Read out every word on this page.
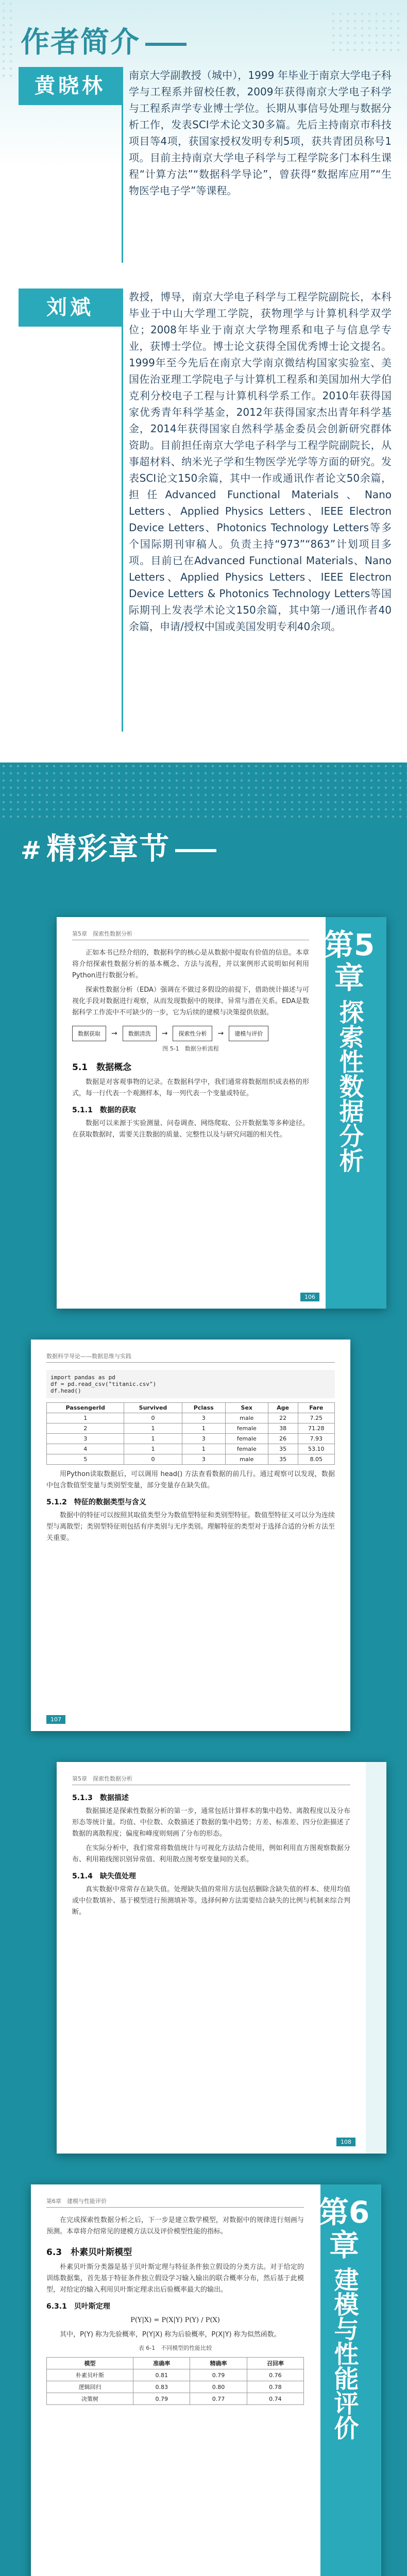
作者简介
黄晓林	南京大学副教授（城中），1999 年毕业于南京大学电子科学与工程系并留校任教，2009年获得南京大学电子科学与工程系声学专业博士学位。长期从事信号处理与数据分析工作，发表SCI学术论文30多篇。先后主持南京市科技项目等4项，获国家授权发明专利5项，获共青团员称号1项。目前主持南京大学电子科学与工程学院多门本科生课程“计算方法”“数据科学导论”，曾获得“数据库应用”“生物医学电子学”等课程。
刘斌	教授，博导，南京大学电子科学与工程学院副院长，本科毕业于中山大学理工学院，获物理学与计算机科学双学位；2008年毕业于南京大学物理系和电子与信息学专业，获博士学位。博士论文获得全国优秀博士论文提名。1999年至今先后在南京大学南京微结构国家实验室、美国佐治亚理工学院电子与计算机工程系和美国加州大学伯克利分校电子工程与计算机科学系工作。2010年获得国家优秀青年科学基金，2012年获得国家杰出青年科学基金，2014年获得国家自然科学基金委员会创新研究群体资助。目前担任南京大学电子科学与工程学院副院长，从事超材料、纳米光子学和生物医学光学等方面的研究。发表SCI论文150余篇，其中一作或通讯作者论文50余篇，担任Advanced Functional Materials、Nano Letters、Applied Physics Letters、IEEE Electron Device Letters、Photonics Technology Letters等多个国际期刊审稿人。负责主持“973”“863”计划项目多项。目前已在Advanced Functional Materials、Nano Letters、Applied Physics Letters、IEEE Electron Device Letters & Photonics Technology Letters等国际期刊上发表学术论文150余篇，其中第一/通讯作者40余篇，申请/授权中国或美国发明专利40余项。
# 精彩章节
第5章
探索性数据分析
第5章　探索性数据分析

正如本书已经介绍的，数据科学的核心是从数据中提取有价值的信息。本章将介绍探索性数据分析的基本概念、方法与流程，并以案例形式说明如何利用Python进行数据分析。

探索性数据分析（EDA）强调在不做过多假设的前提下，借助统计描述与可视化手段对数据进行观察，从而发现数据中的规律、异常与潜在关系。EDA是数据科学工作流中不可缺少的一步，它为后续的建模与决策提供依据。

数据获取	→	数据清洗	→	探索性分析	→	建模与评价
图 5-1　数据分析流程
5.1　数据概念

数据是对客观事物的记录。在数据科学中，我们通常将数据组织成表格的形式，每一行代表一个观测样本，每一列代表一个变量或特征。

5.1.1　数据的获取

数据可以来源于实验测量、问卷调查、网络爬取、公开数据集等多种途径。在获取数据时，需要关注数据的质量、完整性以及与研究问题的相关性。

106
数据科学导论——数据思维与实践
import pandas as pd
df = pd.read_csv("titanic.csv")
df.head()
PassengerId	Survived	Pclass	Sex	Age	Fare
1	0	3	male	22	7.25
2	1	1	female	38	71.28
3	1	3	female	26	7.93
4	1	1	female	35	53.10
5	0	3	male	35	8.05

用Python读取数据后，可以调用 head() 方法查看数据的前几行。通过观察可以发现，数据中包含数值型变量与类别型变量，部分变量存在缺失值。

5.1.2　特征的数据类型与含义

数据中的特征可以按照其取值类型分为数值型特征和类别型特征。数值型特征又可以分为连续型与离散型；类别型特征则包括有序类别与无序类别。理解特征的类型对于选择合适的分析方法至关重要。

107
第5章　探索性数据分析
5.1.3　数据描述

数据描述是探索性数据分析的第一步，通常包括计算样本的集中趋势、离散程度以及分布形态等统计量。均值、中位数、众数描述了数据的集中趋势；方差、标准差、四分位距描述了数据的离散程度；偏度和峰度则刻画了分布的形态。

在实际分析中，我们常常将数值统计与可视化方法结合使用，例如利用直方图观察数据分布、利用箱线图识别异常值、利用散点图考察变量间的关系。

5.1.4　缺失值处理

真实数据中常常存在缺失值。处理缺失值的常用方法包括删除含缺失值的样本、使用均值或中位数填补、基于模型进行预测填补等。选择何种方法需要结合缺失的比例与机制来综合判断。

108
第6章
建模与性能评价
第6章　建模与性能评价

在完成探索性数据分析之后，下一步是建立数学模型，对数据中的规律进行刻画与预测。本章将介绍常见的建模方法以及评价模型性能的指标。

6.3　朴素贝叶斯模型

朴素贝叶斯分类器是基于贝叶斯定理与特征条件独立假设的分类方法。对于给定的训练数据集，首先基于特征条件独立假设学习输入输出的联合概率分布，然后基于此模型，对给定的输入利用贝叶斯定理求出后验概率最大的输出。

6.3.1　贝叶斯定理
P(Y|X) = P(X|Y) P(Y) / P(X)

其中，P(Y) 称为先验概率，P(Y|X) 称为后验概率，P(X|Y) 称为似然函数。

表 6-1　不同模型的性能比较
模型	准确率	精确率	召回率
朴素贝叶斯	0.81	0.79	0.76
逻辑回归	0.83	0.80	0.78
决策树	0.79	0.77	0.74
